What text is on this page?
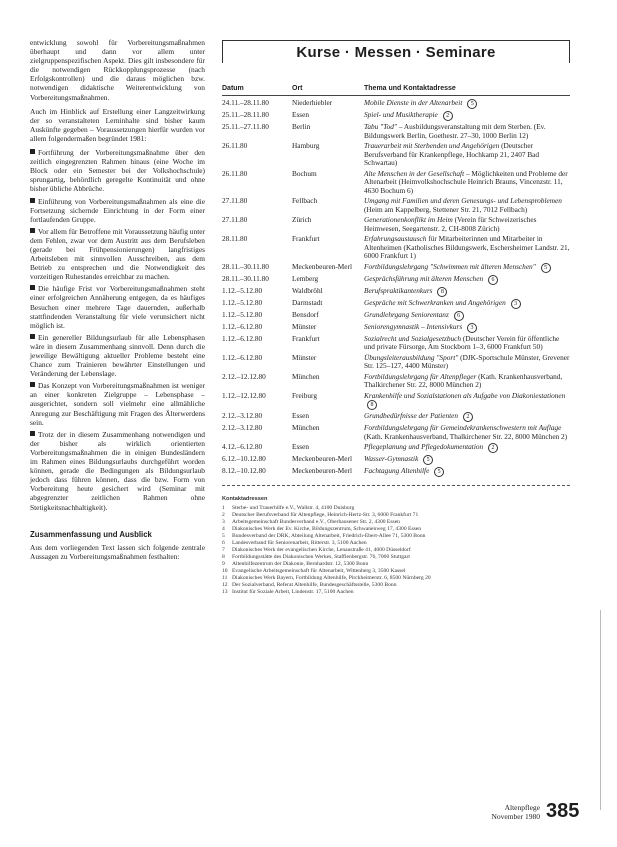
entwicklung sowohl für Vorbereitungsmaßnahmen überhaupt und dann vor allem unter zielgruppenspezifischen Aspekt. Dies gilt insbesondere für die notwendigen Rückkopplungsprozesse (nach Erfolgskontrollen) und die daraus möglichen bzw. notwendigen didaktische Weiterentwicklung von Vorbereitungsmaßnahmen.

Auch im Hinblick auf Erstellung einer Langzeitwirkung der so veranstalteten Lerninhalte sind bisher kaum Auskünfte gegeben – Voraussetzungen hierfür wurden vor allem folgendermaßen begründet 1981:

Fortführung der Vorbereitungsmaßnahme über den zeitlich eingegrenzten Rahmen hinaus (eine Woche im Block oder ein Semester bei der Volkshochschule) sprungartig, behördlich geregelte Kontinuität und ohne bisher übliche Abbrüche.
Einführung von Vorbereitungsmaßnahmen als eine die Fortsetzung sichernde Einrichtung in der Form einer fortlaufenden Gruppe.
Vor allem für Betroffene mit Voraussetzung häufig unter dem Fehlen, zwar vor dem Austritt aus dem Berufsleben (gerade bei Frühpensionierungen) langfristiges Arbeitsleben mit sinnvollen Ausschreiben, aus dem Betrieb zu entsprechen und die Notwendigkeit des vorzeitigen Ruhestandes erreichbar zu machen.
Die häufige Frist vor Vorbereitungsmaßnahmen steht einer erfolgreichen Annäherung entgegen, da es häufiges Besuchen einer mehrere Tage dauernden, außerhalb stattfindenden Veranstaltung für viele verunsichert nicht möglich ist.
Ein genereller Bildungsurlaub für alle Lebensphasen wäre in diesem Zusammenhang sinnvoll. Denn durch die jeweilige Bewältigung aktueller Probleme besteht eine Chance zum Trainieren bewährter Einstellungen und Veränderung der Lebenslage.
Das Konzept von Vorbereitungsmaßnahmen ist weniger an einer konkreten Zielgruppe – Lebensphase – ausgerichtet, sondern soll vielmehr eine allmähliche Anregung zur Beschäftigung mit Fragen des Älterwerdens sein.
Trotz der in diesem Zusammenhang notwendigen und der bisher als wirklich orientierten Vorbereitungsmaßnahmen die in einigen Bundesländern im Rahmen eines Bildungsurlaubs durchgeführt worden können, gerade die Bedingungen als Bildungsurlaub jedoch dass führen können, dass die bzw. Form von Vorbereitung heute gesichert wird (Seminar mit abgegrenzter zeitlichen Rahmen ohne Stetigkeitsnachhaltigkeit).
Zusammenfassung und Ausblick

Aus dem vorliegenden Text lassen sich folgende zentrale Aussagen zu Vorbereitungsmaßnahmen festhalten:

Kurse · Messen · Seminare
Datum	Ort	Thema und Kontaktadresse
24.11.–28.11.80	Niederhiebler	Mobile Dienste in der Altenarbeit 5
25.11.–28.11.80	Essen	Spiel- und Musiktherapie 2
25.11.–27.11.80	Berlin	Tabu "Tod" – Ausbildungsveranstaltung mit dem Sterben. (Ev. Bildungswerk Berlin, Goethestr. 27–30, 1000 Berlin 12)
26.11.80	Hamburg	Trauerarbeit mit Sterbenden und Angehörigen (Deutscher Berufsverband für Krankenpflege, Hochkamp 21, 2407 Bad Schwartau)
26.11.80	Bochum	Alte Menschen in der Gesellschaft – Möglichkeiten und Probleme der Altenarbeit (Heimvolkshochschule Heinrich Brauns, Vincenzstr. 11, 4630 Bochum 6)
27.11.80	Fellbach	Umgang mit Familien und deren Genesungs- und Lebensproblemen (Heim am Kappelberg, Stettener Str. 21, 7012 Fellbach)
27.11.80	Zürich	Generationenkonflikt im Heim (Verein für Schweizerisches Heimwesen, Seegartenstr. 2, CH-8008 Zürich)
28.11.80	Frankfurt	Erfahrungsaustausch für Mitarbeiterinnen und Mitarbeiter in Altenheimen (Katholisches Bildungswerk, Eschersheimer Landstr. 21, 6000 Frankfurt 1)
28.11.–30.11.80	Meckenbeuren-Merl	Fortbildungslehrgang "Schwimmen mit älteren Menschen" 5
28.11.–30.11.80	Lemberg	Gesprächsführung mit älteren Menschen 6
1.12.–5.12.80	Waldbröhl	Berufspraktikantenkurs 8
1.12.–5.12.80	Darmstadt	Gespräche mit Schwerkranken und Angehörigen 3
1.12.–5.12.80	Bensdorf	Grundlehrgang Seniorentanz 6
1.12.–6.12.80	Münster	Seniorengymnastik – Intensivkurs 3
1.12.–6.12.80	Frankfurt	Sozialrecht und Sozialgesetzbuch (Deutscher Verein für öffentliche und private Fürsorge, Am Stockborn 1–3, 6000 Frankfurt 50)
1.12.–6.12.80	Münster	Übungsleiterausbildung "Sport" (DJK-Sportschule Münster, Grevener Str. 125–127, 4400 Münster)
2.12.–12.12.80	München	Fortbildungslehrgang für Altenpfleger (Kath. Krankenhausverband, Thalkirchener Str. 22, 8000 München 2)
1.12.–12.12.80	Freiburg	Krankenhilfe und Sozialstationen als Aufgabe von Diakoniestationen 8
2.12.–3.12.80	Essen	Grundbedürfnisse der Patienten 2
2.12.–3.12.80	München	Fortbildungslehrgang für Gemeindekrankenschwestern mit Auflage (Kath. Krankenhausverband, Thalkirchener Str. 22, 8000 München 2)
4.12.–6.12.80	Essen	Pflegeplanung und Pflegedokumentation 2
6.12.–10.12.80	Meckenbeuren-Merl	Wasser-Gymnastik 5
8.12.–10.12.80	Meckenbeuren-Merl	Fachtagung Altenhilfe 5
Kontaktadressen
1	Sterbe- und Trauerhilfe e.V., Wallstr. 4, 4100 Duisburg
2	Deutscher Berufsverband für Altenpflege, Heinrich-Hertz-Str. 3, 6000 Frankfurt 71
3	Arbeitsgemeinschaft Bundesverband e.V., Oberhausener Str. 2, 4300 Essen
4	Diakonisches Werk der Ev. Kirche, Bildungszentrum, Schwanenweg 17, 4300 Essen
5	Bundesverband der DRK, Abteilung Altenarbeit, Friedrich-Ebert-Allee 71, 5300 Bonn
6	Landesverband für Seniorenarbeit, Ritterstr. 3, 5100 Aachen
7	Diakonisches Werk der evangelischen Kirche, Lenaustraße 41, 4000 Düsseldorf
8	Fortbildungsstätte des Diakonischen Werkes, Stafflenbergstr. 76, 7000 Stuttgart
9	Altenhilfezentrum der Diakonie, Bernhardstr. 12, 5300 Bonn
10 Evangelische Arbeitsgemeinschaft für Altenarbeit, Wittenberg 3, 3500 Kassel
11 Diakonisches Werk Bayern, Fortbildung Altenhilfe, Pirckheimerstr. 6, 8500 Nürnberg 20
12 Der Sozialverband, Referat Altenhilfe, Bundesgeschäftsstelle, 5300 Bonn
13 Institut für Soziale Arbeit, Lindenstr. 17, 5100 Aachen
Altenpflege
November 1980 385
